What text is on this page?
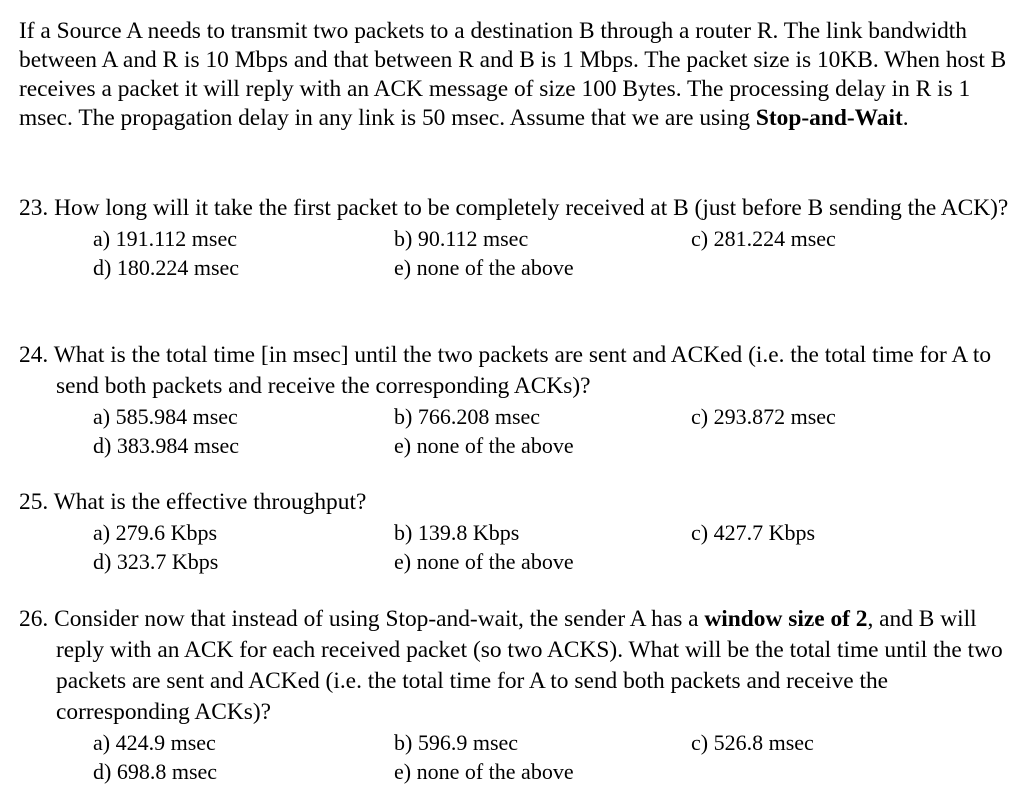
If a Source A needs to transmit two packets to a destination B through a router R. The link bandwidth between A and R is 10 Mbps and that between R and B is 1 Mbps. The packet size is 10KB. When host B receives a packet it will reply with an ACK message of size 100 Bytes. The processing delay in R is 1 msec. The propagation delay in any link is 50 msec. Assume that we are using Stop-and-Wait.

23. How long will it take the first packet to be completely received at B (just before B sending the ACK)?

a) 191.112 msec	b) 90.112 msec	c) 281.224 msec
d) 180.224 msec	e) none of the above

24. What is the total time [in msec] until the two packets are sent and ACKed (i.e. the total time for A to send both packets and receive the corresponding ACKs)?

a) 585.984 msec	b) 766.208 msec	c) 293.872 msec
d) 383.984 msec	e) none of the above

25. What is the effective throughput?

a) 279.6 Kbps	b) 139.8 Kbps	c) 427.7 Kbps
d) 323.7 Kbps	e) none of the above

26. Consider now that instead of using Stop-and-wait, the sender A has a window size of 2, and B will reply with an ACK for each received packet (so two ACKS). What will be the total time until the two packets are sent and ACKed (i.e. the total time for A to send both packets and receive the corresponding ACKs)?

a) 424.9 msec	b) 596.9 msec	c) 526.8 msec
d) 698.8 msec	e) none of the above
